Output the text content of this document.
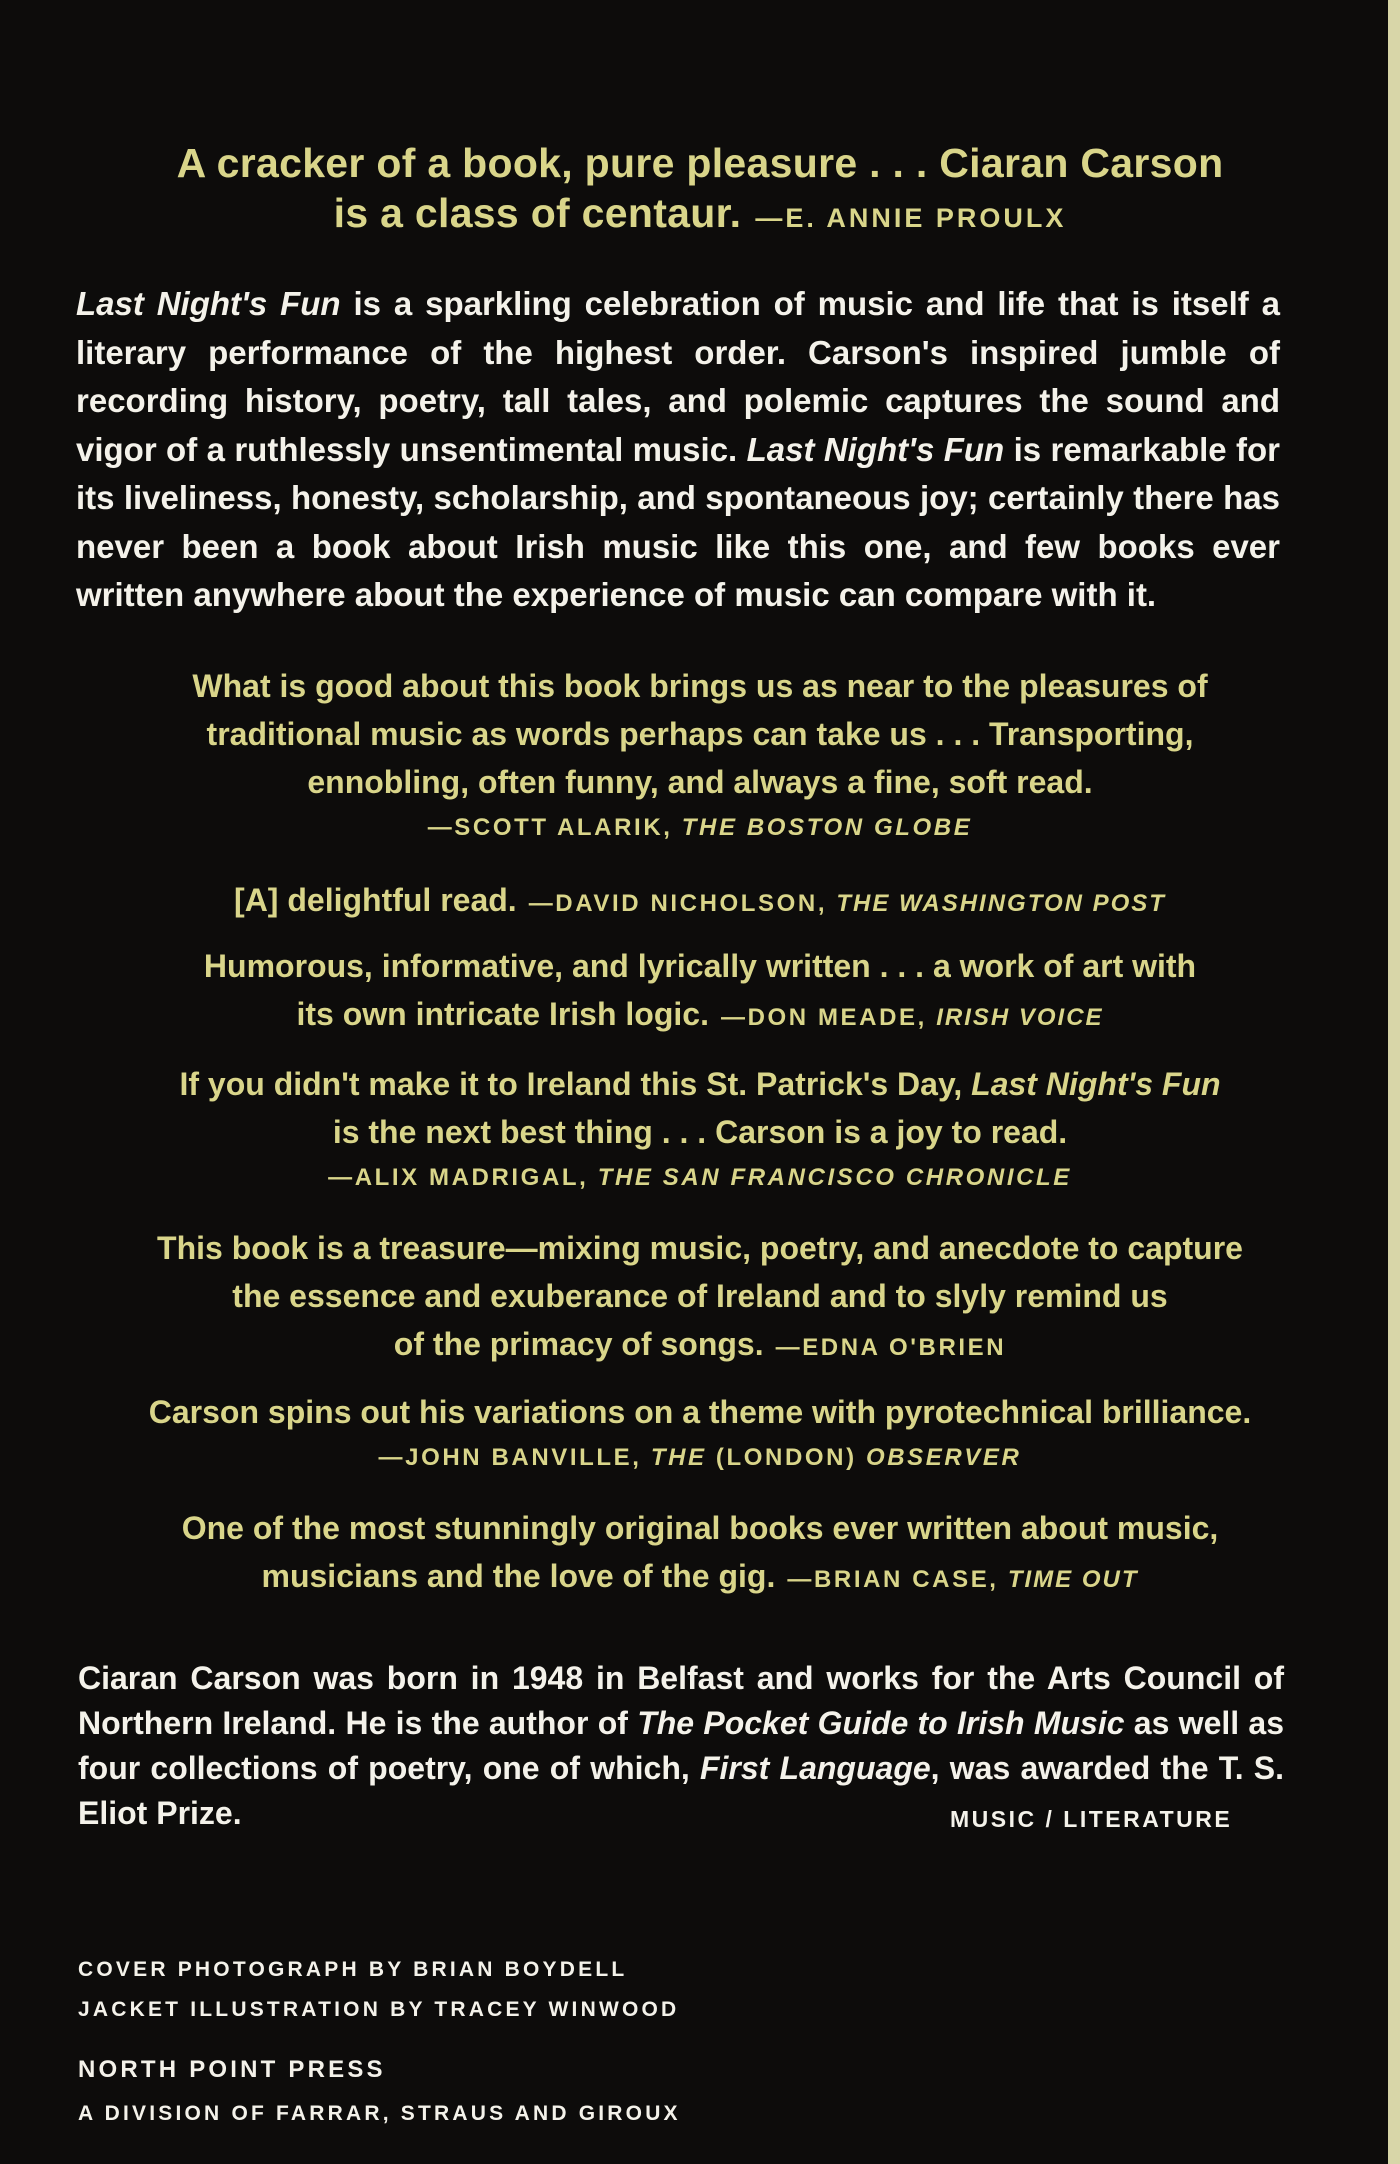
A cracker of a book, pure pleasure . . . Ciaran Carson
is a class of centaur. —E. ANNIE PROULX
Last Night's Fun is a sparkling celebration of music and life that is itself a literary performance of the highest order. Carson's inspired jumble of recording history, poetry, tall tales, and polemic captures the sound and vigor of a ruthlessly unsentimental music. Last Night's Fun is remarkable for its liveliness, honesty, scholarship, and spontaneous joy; certainly there has never been a book about Irish music like this one, and few books ever written anywhere about the experience of music can compare with it.
What is good about this book brings us as near to the pleasures of
traditional music as words perhaps can take us . . . Transporting,
ennobling, often funny, and always a fine, soft read.
—SCOTT ALARIK, THE BOSTON GLOBE
[A] delightful read. —DAVID NICHOLSON, THE WASHINGTON POST
Humorous, informative, and lyrically written . . . a work of art with
its own intricate Irish logic. —DON MEADE, IRISH VOICE
If you didn't make it to Ireland this St. Patrick's Day, Last Night's Fun
is the next best thing . . . Carson is a joy to read.
—ALIX MADRIGAL, THE SAN FRANCISCO CHRONICLE
This book is a treasure—mixing music, poetry, and anecdote to capture
the essence and exuberance of Ireland and to slyly remind us
of the primacy of songs. —EDNA O'BRIEN
Carson spins out his variations on a theme with pyrotechnical brilliance.
—JOHN BANVILLE, THE (LONDON) OBSERVER
One of the most stunningly original books ever written about music,
musicians and the love of the gig. —BRIAN CASE, TIME OUT
Ciaran Carson was born in 1948 in Belfast and works for the Arts Council of Northern Ireland. He is the author of The Pocket Guide to Irish Music as well as four collections of poetry, one of which, First Language, was awarded the T. S. Eliot Prize.	MUSIC / LITERATURE
COVER PHOTOGRAPH BY BRIAN BOYDELL
JACKET ILLUSTRATION BY TRACEY WINWOOD
NORTH POINT PRESS
A DIVISION OF FARRAR, STRAUS AND GIROUX
